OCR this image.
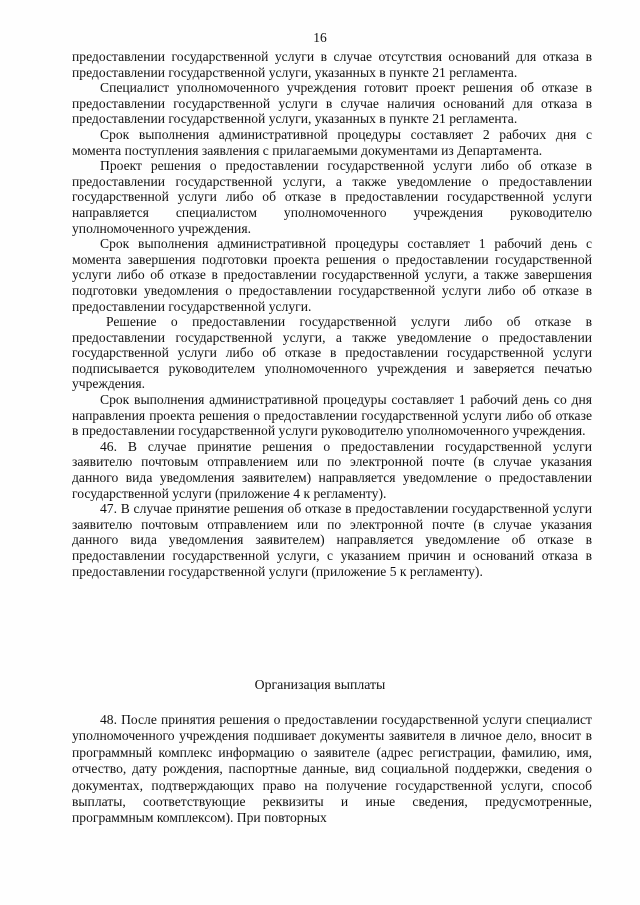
16

предоставлении государственной услуги в случае отсутствия оснований для отказа в предоставлении государственной услуги, указанных в пункте 21 регламента.

Специалист уполномоченного учреждения готовит проект решения об отказе в предоставлении государственной услуги в случае наличия оснований для отказа в предоставлении государственной услуги, указанных в пункте 21 регламента.

Срок выполнения административной процедуры составляет 2 рабочих дня с момента поступления заявления с прилагаемыми документами из Департамента.

Проект решения о предоставлении государственной услуги либо об отказе в предоставлении государственной услуги, а также уведомление о предоставлении государственной услуги либо об отказе в предоставлении государственной услуги направляется специалистом уполномоченного учреждения руководителю уполномоченного учреждения.

Срок выполнения административной процедуры составляет 1 рабочий день с момента завершения подготовки проекта решения о предоставлении государственной услуги либо об отказе в предоставлении государственной услуги, а также завершения подготовки уведомления о предоставлении государственной услуги либо об отказе в предоставлении государственной услуги.

Решение о предоставлении государственной услуги либо об отказе в предоставлении государственной услуги, а также уведомление о предоставлении государственной услуги либо об отказе в предоставлении государственной услуги подписывается руководителем уполномоченного учреждения и заверяется печатью учреждения.

Срок выполнения административной процедуры составляет 1 рабочий день со дня направления проекта решения о предоставлении государственной услуги либо об отказе в предоставлении государственной услуги руководителю уполномоченного учреждения.

46. В случае принятие решения о предоставлении государственной услуги заявителю почтовым отправлением или по электронной почте (в случае указания данного вида уведомления заявителем) направляется уведомление о предоставлении государственной услуги (приложение 4 к регламенту).

47. В случае принятие решения об отказе в предоставлении государственной услуги заявителю почтовым отправлением или по электронной почте (в случае указания данного вида уведомления заявителем) направляется уведомление об отказе в предоставлении государственной услуги, с указанием причин и оснований отказа в предоставлении государственной услуги (приложение 5 к регламенту).

Организация выплаты

48. После принятия решения о предоставлении государственной услуги специалист уполномоченного учреждения подшивает документы заявителя в личное дело, вносит в программный комплекс информацию о заявителе (адрес регистрации, фамилию, имя, отчество, дату рождения, паспортные данные, вид социальной поддержки, сведения о документах, подтверждающих право на получение государственной услуги, способ выплаты, соответствующие реквизиты и иные сведения, предусмотренные, программным комплексом). При повторных
